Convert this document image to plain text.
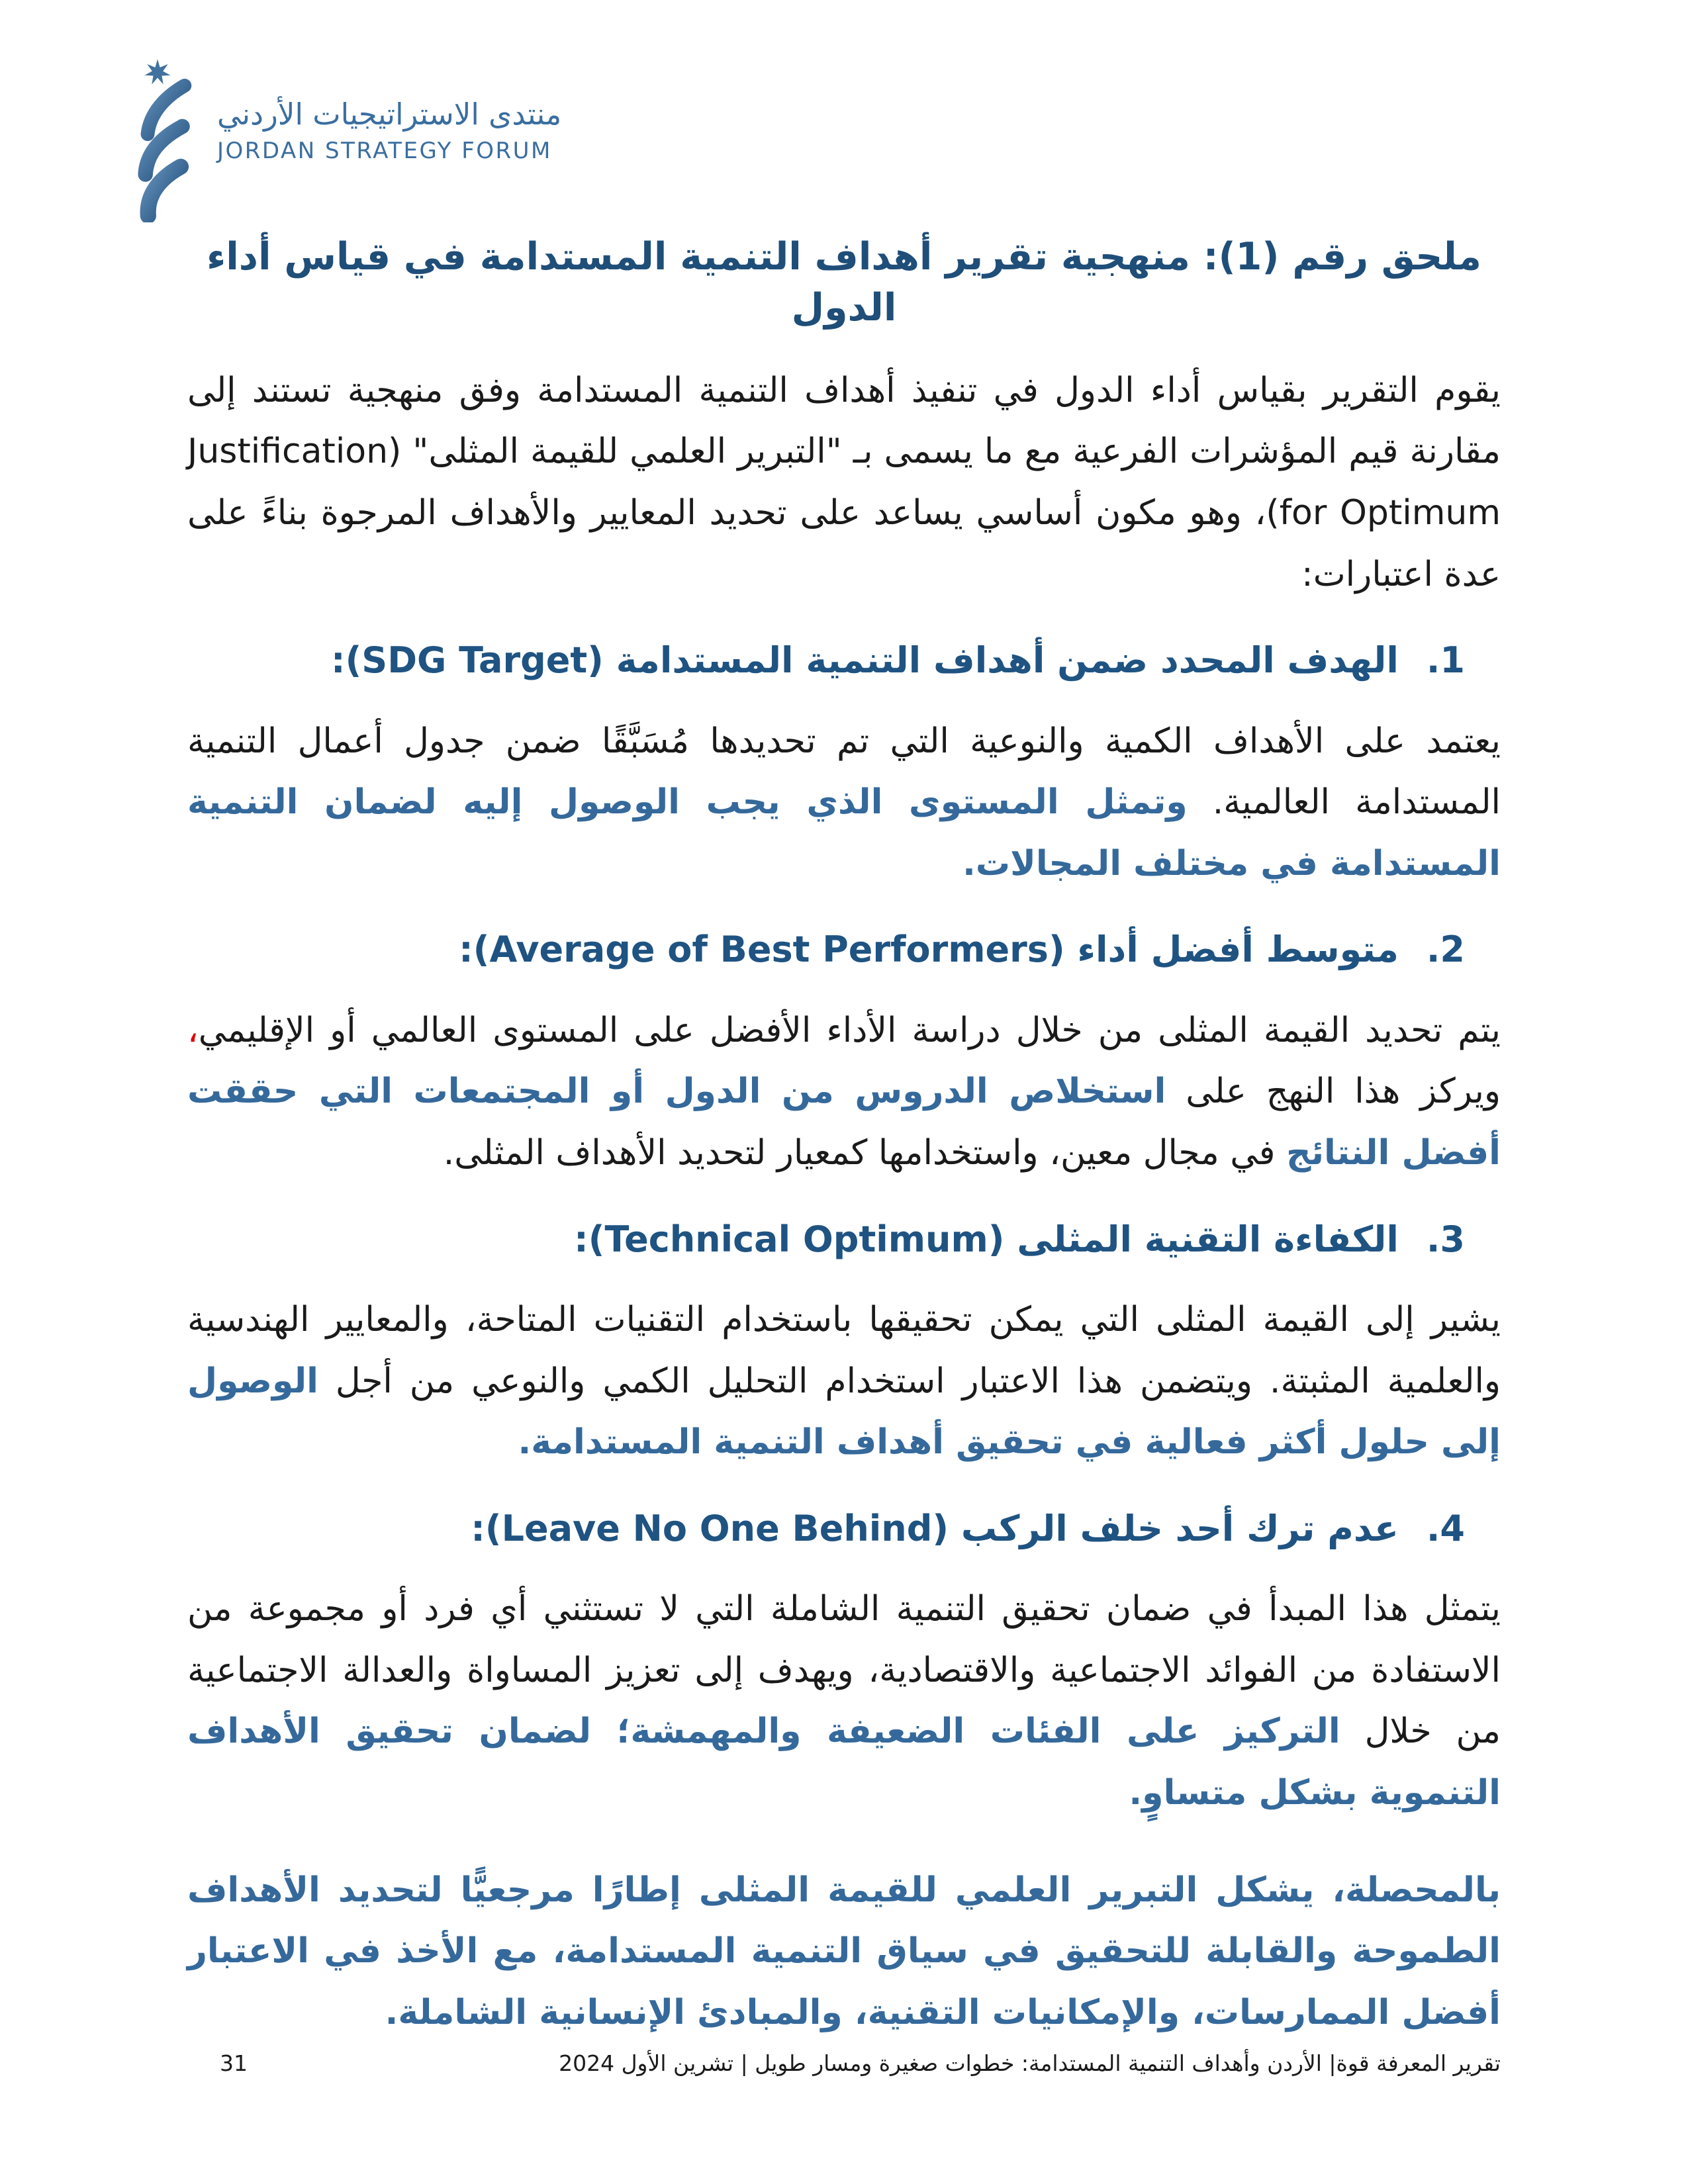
منتدى الاستراتيجيات الأردني
JORDAN STRATEGY FORUM
ملحق رقم (1): منهجية تقرير أهداف التنمية المستدامة في قياس أداء الدول

يقوم التقرير بقياس أداء الدول في تنفيذ أهداف التنمية المستدامة وفق منهجية تستند إلى مقارنة قيم المؤشرات الفرعية مع ما يسمى بـ "التبرير العلمي للقيمة المثلى" (Justification for Optimum)، وهو مكون أساسي يساعد على تحديد المعايير والأهداف المرجوة بناءً على عدة اعتبارات:

1.الهدف المحدد ضمن أهداف التنمية المستدامة (SDG Target):

يعتمد على الأهداف الكمية والنوعية التي تم تحديدها مُسَبَّقًا ضمن جدول أعمال التنمية المستدامة العالمية. وتمثل المستوى الذي يجب الوصول إليه لضمان التنمية المستدامة في مختلف المجالات.

2.متوسط أفضل أداء (Average of Best Performers):

يتم تحديد القيمة المثلى من خلال دراسة الأداء الأفضل على المستوى العالمي أو الإقليمي، ويركز هذا النهج على استخلاص الدروس من الدول أو المجتمعات التي حققت أفضل النتائج في مجال معين، واستخدامها كمعيار لتحديد الأهداف المثلى.

3.الكفاءة التقنية المثلى (Technical Optimum):

يشير إلى القيمة المثلى التي يمكن تحقيقها باستخدام التقنيات المتاحة، والمعايير الهندسية والعلمية المثبتة. ويتضمن هذا الاعتبار استخدام التحليل الكمي والنوعي من أجل الوصول إلى حلول أكثر فعالية في تحقيق أهداف التنمية المستدامة.

4.عدم ترك أحد خلف الركب (Leave No One Behind):

يتمثل هذا المبدأ في ضمان تحقيق التنمية الشاملة التي لا تستثني أي فرد أو مجموعة من الاستفادة من الفوائد الاجتماعية والاقتصادية، ويهدف إلى تعزيز المساواة والعدالة الاجتماعية من خلال التركيز على الفئات الضعيفة والمهمشة؛ لضمان تحقيق الأهداف التنموية بشكل متساوٍ.

بالمحصلة، يشكل التبرير العلمي للقيمة المثلى إطارًا مرجعيًّا لتحديد الأهداف الطموحة والقابلة للتحقيق في سياق التنمية المستدامة، مع الأخذ في الاعتبار أفضل الممارسات، والإمكانيات التقنية، والمبادئ الإنسانية الشاملة.

تقرير المعرفة قوة| الأردن وأهداف التنمية المستدامة: خطوات صغيرة ومسار طويل | تشرين الأول 2024
31
